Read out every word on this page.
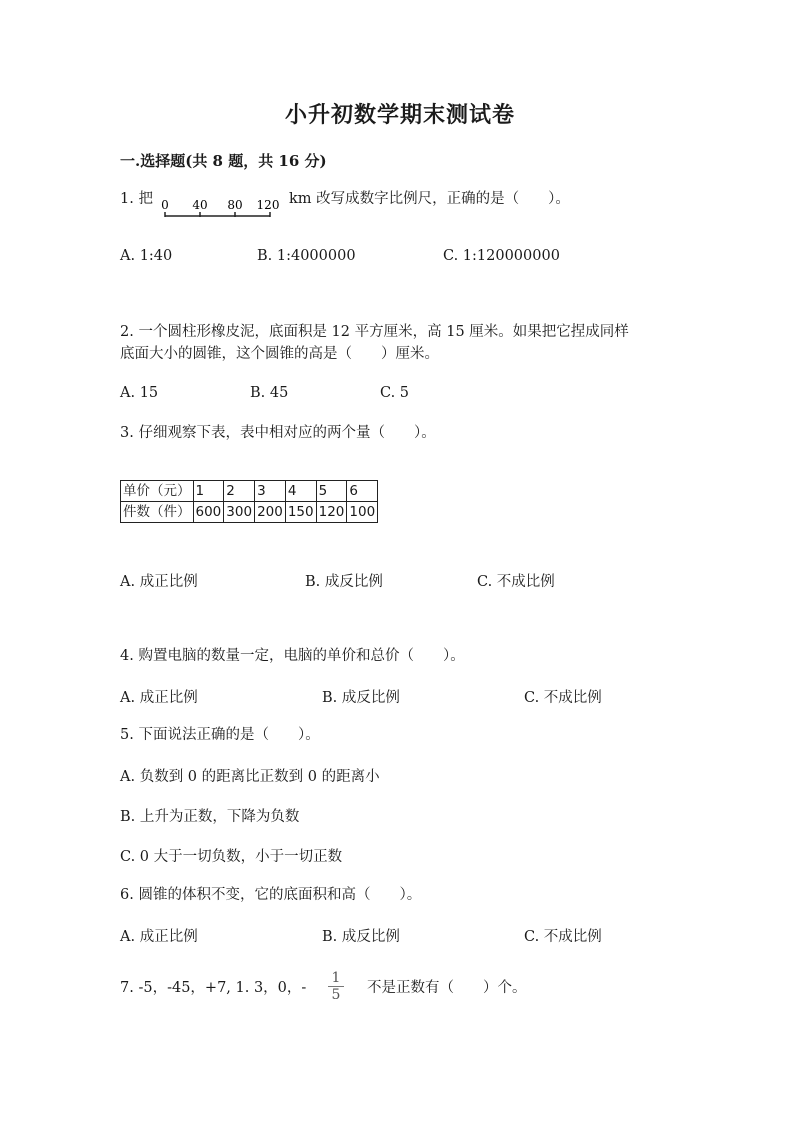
小升初数学期末测试卷
一.选择题(共 8 题，共 16 分)
1. 把 0 40 80 120 km 改写成数字比例尺，正确的是（　　）。
A. 1:40	B. 1:4000000	C. 1:120000000
2. 一个圆柱形橡皮泥，底面积是 12 平方厘米，高 15 厘米。如果把它捏成同样
底面大小的圆锥，这个圆锥的高是（　　）厘米。
A. 15	B. 45	C. 5
3. 仔细观察下表，表中相对应的两个量（　　）。
单价（元）	1	2	3	4	5	6
件数（件）	600	300	200	150	120	100
A. 成正比例	B. 成反比例	C. 不成比例
4. 购置电脑的数量一定，电脑的单价和总价（　　）。
A. 成正比例	B. 成反比例	C. 不成比例
5. 下面说法正确的是（　　）。
A. 负数到 0 的距离比正数到 0 的距离小
B. 上升为正数，下降为负数
C. 0 大于一切负数，小于一切正数
6. 圆锥的体积不变，它的底面积和高（　　）。
A. 成正比例	B. 成反比例	C. 不成比例
7. -5，-45，+7, 1. 3，0，- $\frac{1}{5}$ 不是正数有（　　）个。
